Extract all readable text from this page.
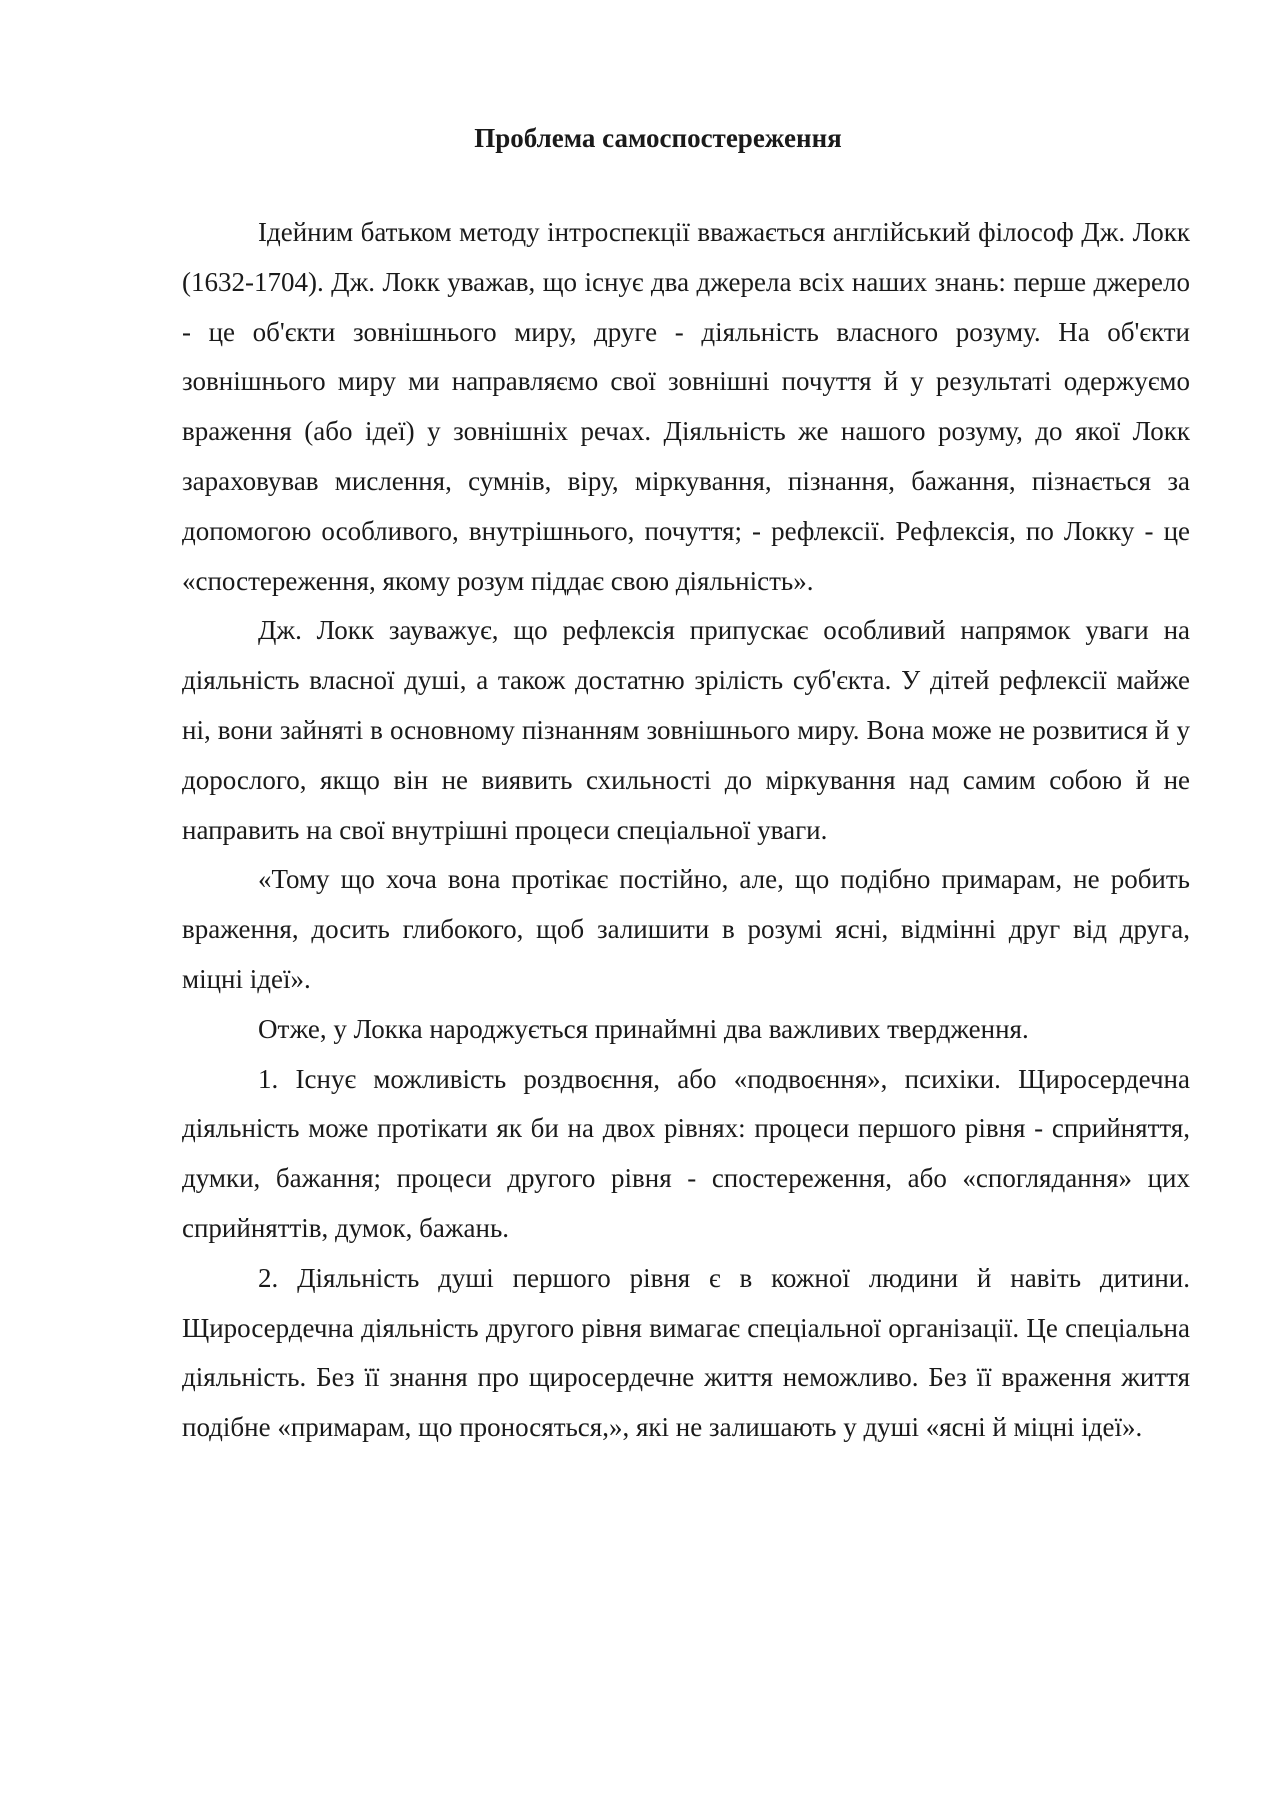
Проблема самоспостереження

Ідейним батьком методу інтроспекції вважається англійський філософ Дж. Локк (1632-1704). Дж. Локк уважав, що існує два джерела всіх наших знань: перше джерело - це об'єкти зовнішнього миру, друге - діяльність власного розуму. На об'єкти зовнішнього миру ми направляємо свої зовнішні почуття й у результаті одержуємо враження (або ідеї) у зовнішніх речах. Діяльність же нашого розуму, до якої Локк зараховував мислення, сумнів, віру, міркування, пізнання, бажання, пізнається за допомогою особливого, внутрішнього, почуття; - рефлексії. Рефлексія, по Локку - це «спостереження, якому розум піддає свою діяльність».

Дж. Локк зауважує, що рефлексія припускає особливий напрямок уваги на діяльність власної душі, а також достатню зрілість суб'єкта. У дітей рефлексії майже ні, вони зайняті в основному пізнанням зовнішнього миру. Вона може не розвитися й у дорослого, якщо він не виявить схильності до міркування над самим собою й не направить на свої внутрішні процеси спеціальної уваги.

«Тому що хоча вона протікає постійно, але, що подібно примарам, не робить враження, досить глибокого, щоб залишити в розумі ясні, відмінні друг від друга, міцні ідеї».

Отже, у Локка народжується принаймні два важливих твердження.

1. Існує можливість роздвоєння, або «подвоєння», психіки. Щиросердечна діяльність може протікати як би на двох рівнях: процеси першого рівня - сприйняття, думки, бажання; процеси другого рівня - спостереження, або «споглядання» цих сприйняттів, думок, бажань.

2. Діяльність душі першого рівня є в кожної людини й навіть дитини. Щиросердечна діяльність другого рівня вимагає спеціальної організації. Це спеціальна діяльність. Без її знання про щиросердечне життя неможливо. Без її враження життя подібне «примарам, що проносяться,», які не залишають у душі «ясні й міцні ідеї».
